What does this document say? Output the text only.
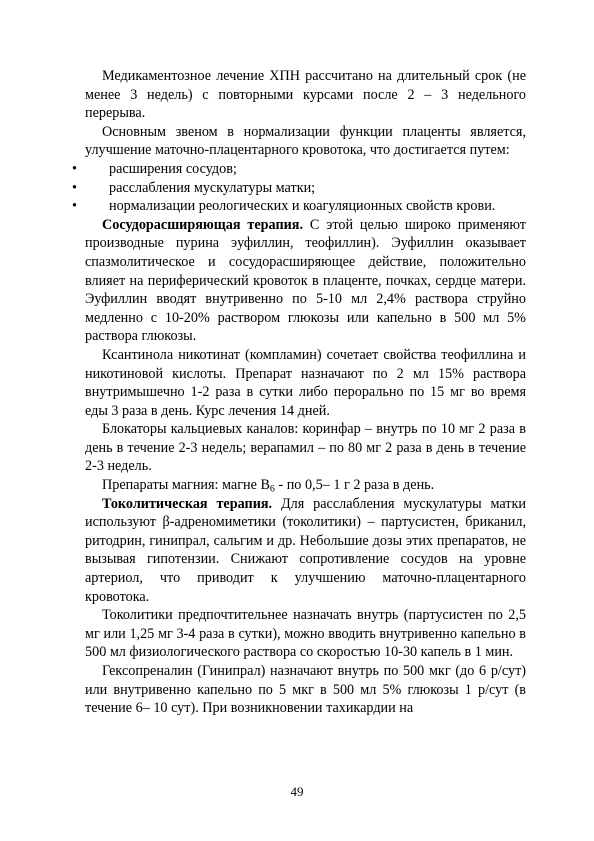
Медикаментозное лечение ХПН рассчитано на длительный срок (не менее 3 недель) с повторными курсами после 2 – 3 недельного перерыва.

Основным звеном в нормализации функции плаценты является, улучшение маточно-плацентарного кровотока, что достигается путем:

• расширения сосудов;
• расслабления мускулатуры матки;
• нормализации реологических и коагуляционных свойств крови.

Сосудорасширяющая терапия. С этой целью широко применяют производные пурина эуфиллин, теофиллин). Эуфиллин оказывает спазмолитическое и сосудорасширяющее действие, положительно влияет на периферический кровоток в плаценте, почках, сердце матери. Эуфиллин вводят внутривенно по 5-10 мл 2,4% раствора струйно медленно с 10-20% раствором глюкозы или капельно в 500 мл 5% раствора глюкозы.

Ксантинола никотинат (компламин) сочетает свойства теофиллина и никотиновой кислоты. Препарат назначают по 2 мл 15% раствора внутримышечно 1-2 раза в сутки либо перорально по 15 мг во время еды 3 раза в день. Курс лечения 14 дней.

Блокаторы кальциевых каналов: коринфар – внутрь по 10 мг 2 раза в день в течение 2-3 недель; верапамил – по 80 мг 2 раза в день в течение 2-3 недель.

Препараты магния: магне $В_6$ - по 0,5– 1 г 2 раза в день.

Токолитическая терапия. Для расслабления мускулатуры матки используют β-адреномиметики (токолитики) – партусистен, бриканил, ритодрин, гинипрал, сальгим и др. Небольшие дозы этих препаратов, не вызывая гипотензии. Снижают сопротивление сосудов на уровне артериол, что приводит к улучшению маточно-плацентарного кровотока.

Токолитики предпочтительнее назначать внутрь (партусистен по 2,5 мг или 1,25 мг 3-4 раза в сутки), можно вводить внутривенно капельно в 500 мл физиологического раствора со скоростью 10-30 капель в 1 мин.

Гексопреналин (Гинипрал) назначают внутрь по 500 мкг (до 6 р/сут) или внутривенно капельно по 5 мкг в 500 мл 5% глюкозы 1 р/сут (в течение 6– 10 сут). При возникновении тахикардии на

49
